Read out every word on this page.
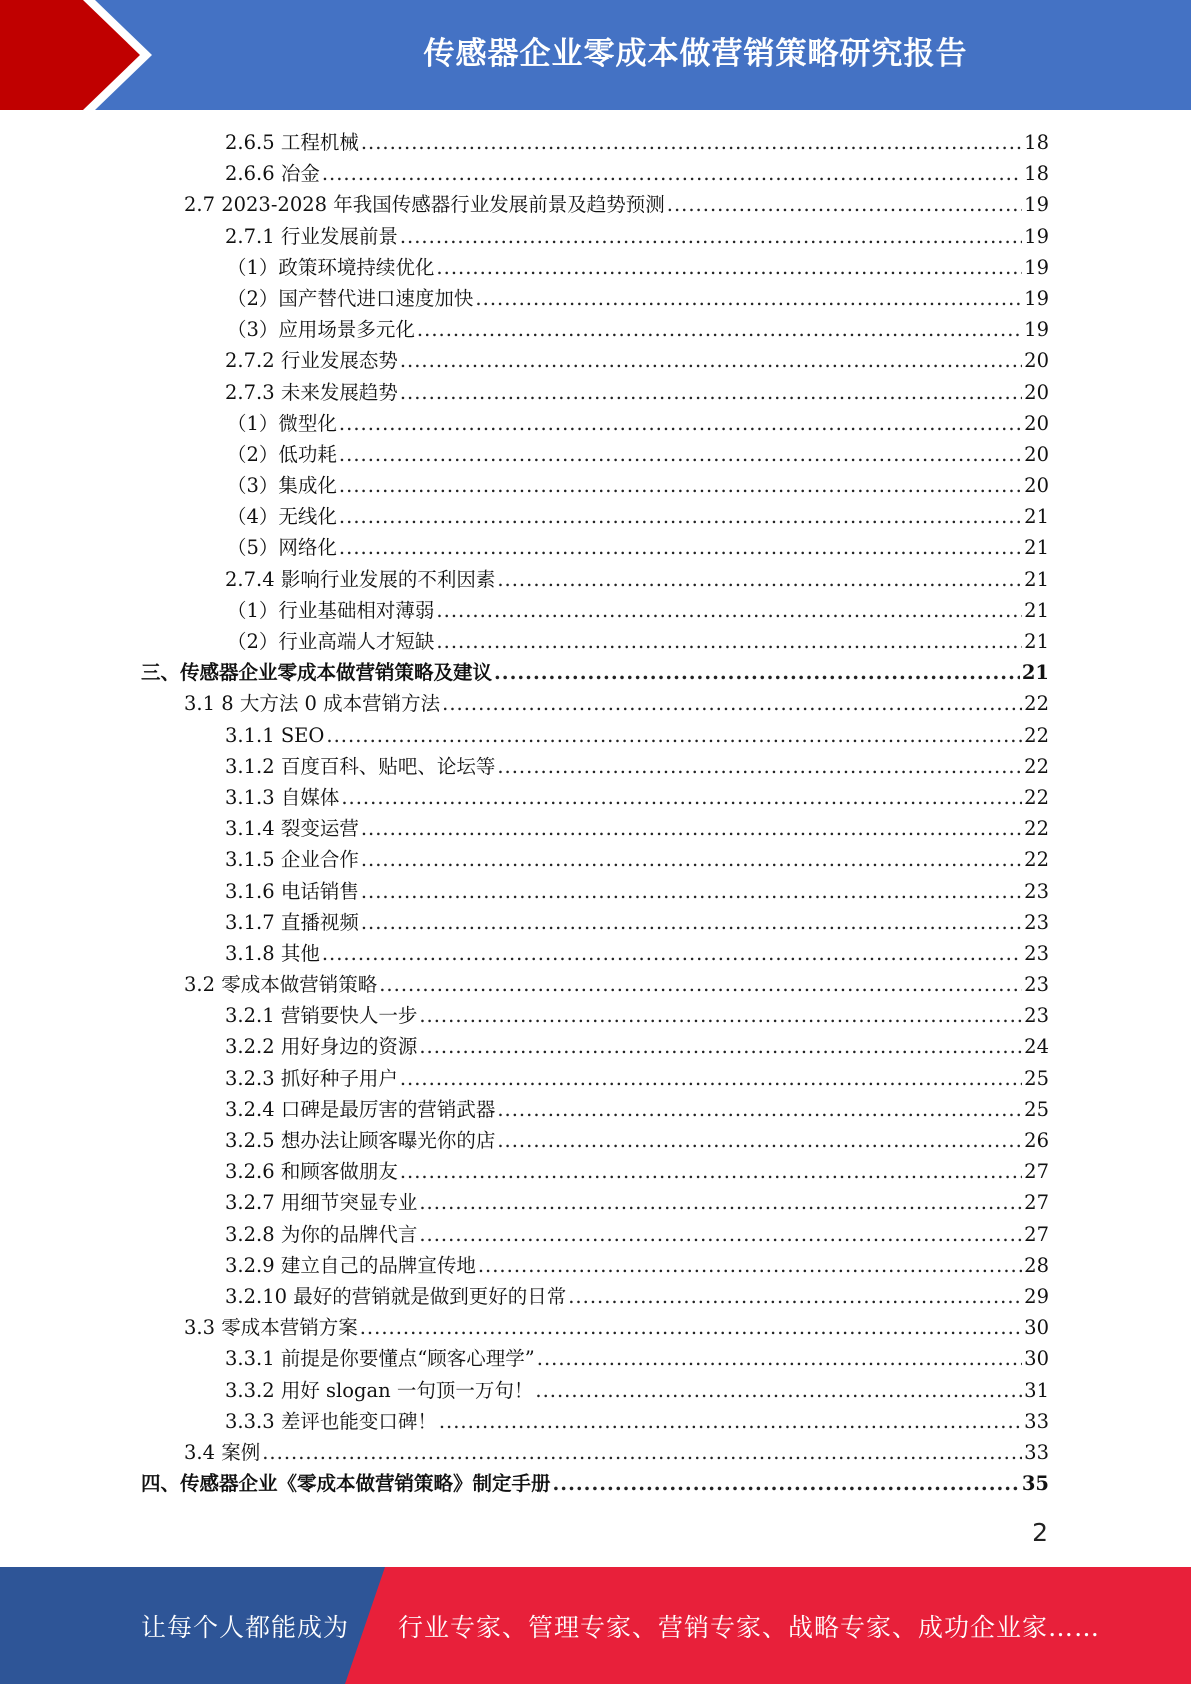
传感器企业零成本做营销策略研究报告
2.6.5 工程机械 .....	18
2.6.6 冶金 .....	18
2.7 2023-2028 年我国传感器行业发展前景及趋势预测 .....	19
2.7.1 行业发展前景 .....	19
（1）政策环境持续优化 .....	19
（2）国产替代进口速度加快 .....	19
（3）应用场景多元化 .....	19
2.7.2 行业发展态势 .....	20
2.7.3 未来发展趋势 .....	20
（1）微型化 .....	20
（2）低功耗 .....	20
（3）集成化 .....	20
（4）无线化 .....	21
（5）网络化 .....	21
2.7.4 影响行业发展的不利因素 .....	21
（1）行业基础相对薄弱 .....	21
（2）行业高端人才短缺 .....	21
三、传感器企业零成本做营销策略及建议 .....	21
3.1 8 大方法 0 成本营销方法 .....	22
3.1.1 SEO .....	22
3.1.2 百度百科、贴吧、论坛等 .....	22
3.1.3 自媒体 .....	22
3.1.4 裂变运营 .....	22
3.1.5 企业合作 .....	22
3.1.6 电话销售 .....	23
3.1.7 直播视频 .....	23
3.1.8 其他 .....	23
3.2 零成本做营销策略 .....	23
3.2.1 营销要快人一步 .....	23
3.2.2 用好身边的资源 .....	24
3.2.3 抓好种子用户 .....	25
3.2.4 口碑是最厉害的营销武器 .....	25
3.2.5 想办法让顾客曝光你的店 .....	26
3.2.6 和顾客做朋友 .....	27
3.2.7 用细节突显专业 .....	27
3.2.8 为你的品牌代言 .....	27
3.2.9 建立自己的品牌宣传地 .....	28
3.2.10 最好的营销就是做到更好的日常 .....	29
3.3 零成本营销方案 .....	30
3.3.1 前提是你要懂点“顾客心理学” .....	30
3.3.2 用好 slogan 一句顶一万句！ .....	31
3.3.3 差评也能变口碑！ .....	33
3.4 案例 .....	33
四、传感器企业《零成本做营销策略》制定手册 .....	35
2
让每个人都能成为	行业专家、管理专家、营销专家、战略专家、成功企业家……
